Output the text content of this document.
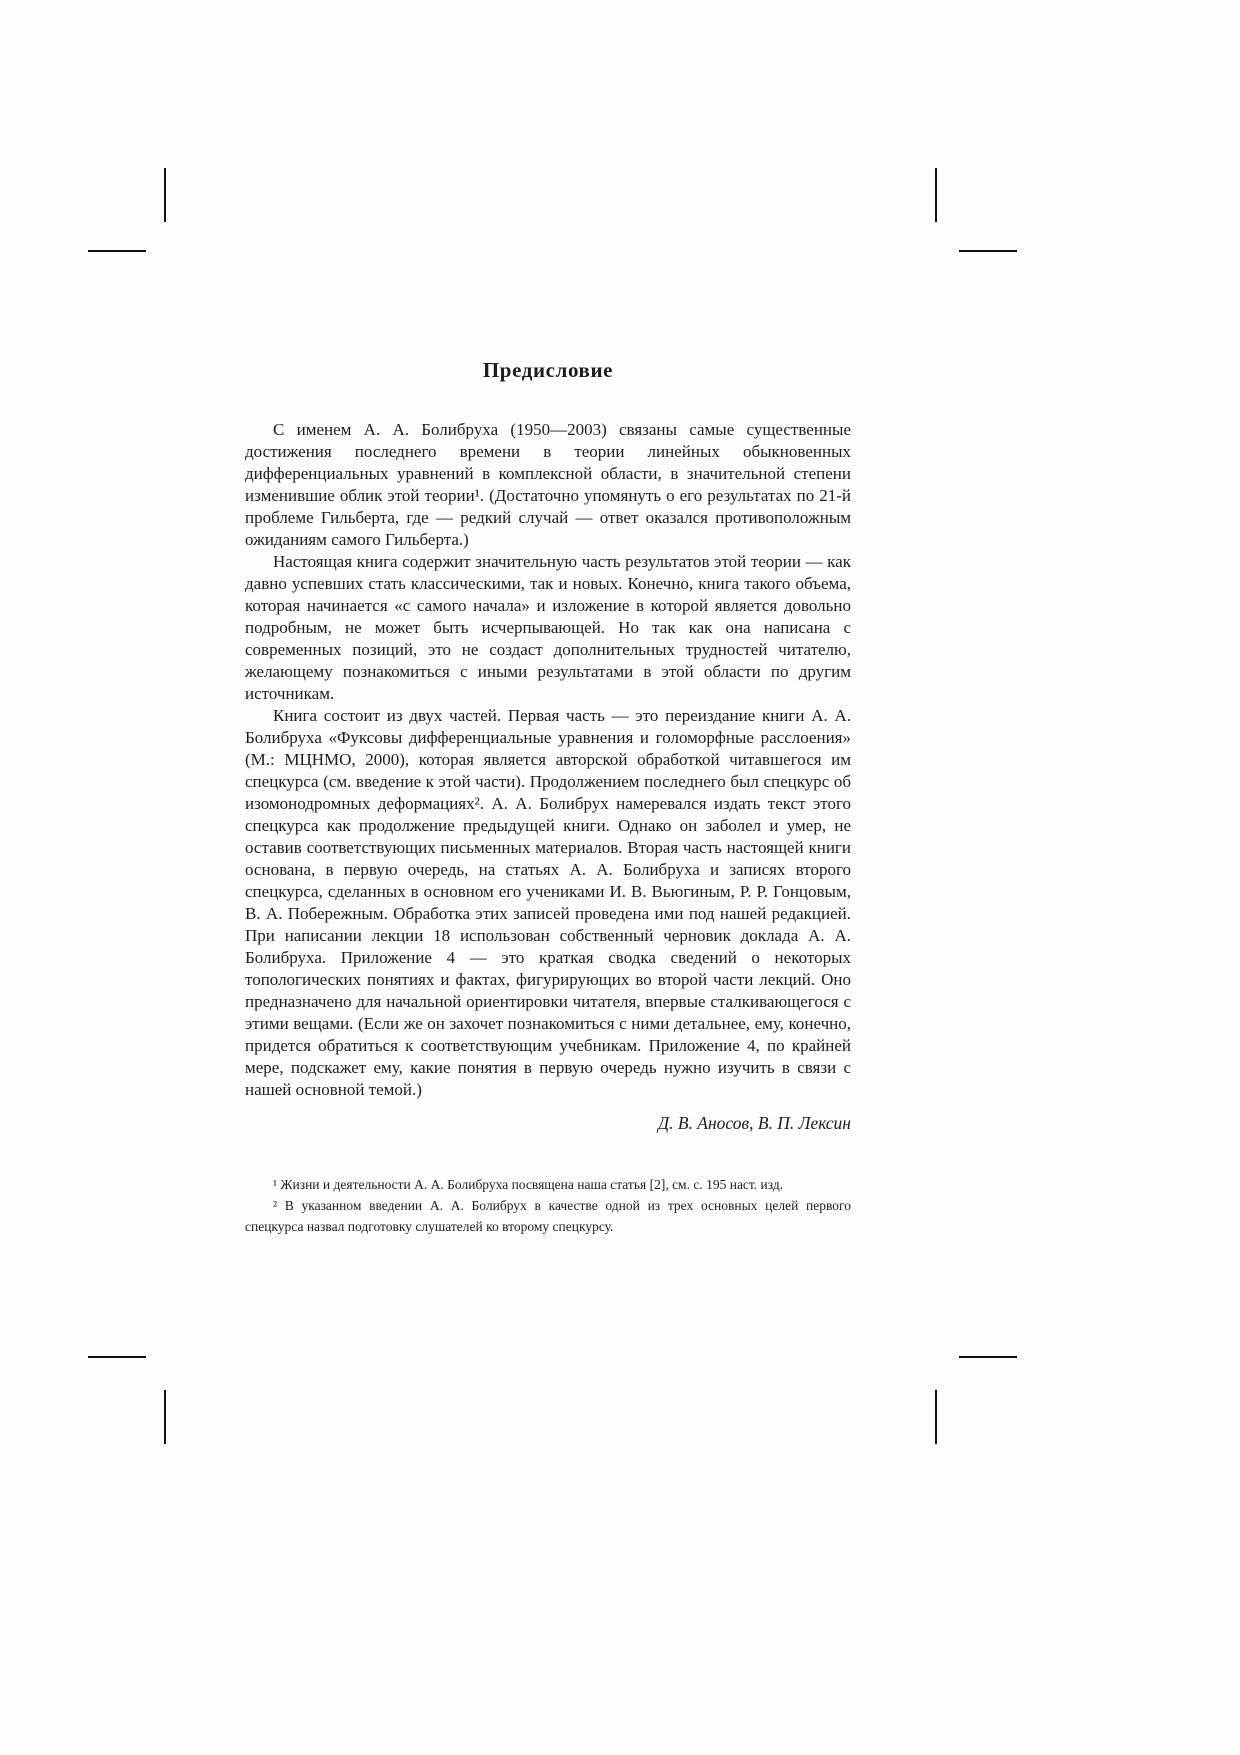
Предисловие

С именем А. А. Болибруха (1950—2003) связаны самые существенные достижения последнего времени в теории линейных обыкновенных дифференциальных уравнений в комплексной области, в значительной степени изменившие облик этой теории¹. (Достаточно упомянуть о его результатах по 21-й проблеме Гильберта, где — редкий случай — ответ оказался противоположным ожиданиям самого Гильберта.)

Настоящая книга содержит значительную часть результатов этой теории — как давно успевших стать классическими, так и новых. Конечно, книга такого объема, которая начинается «с самого начала» и изложение в которой является довольно подробным, не может быть исчерпывающей. Но так как она написана с современных позиций, это не создаст дополнительных трудностей читателю, желающему познакомиться с иными результатами в этой области по другим источникам.

Книга состоит из двух частей. Первая часть — это переиздание книги А. А. Болибруха «Фуксовы дифференциальные уравнения и голоморфные расслоения» (М.: МЦНМО, 2000), которая является авторской обработкой читавшегося им спецкурса (см. введение к этой части). Продолжением последнего был спецкурс об изомонодромных деформациях². А. А. Болибрух намеревался издать текст этого спецкурса как продолжение предыдущей книги. Однако он заболел и умер, не оставив соответствующих письменных материалов. Вторая часть настоящей книги основана, в первую очередь, на статьях А. А. Болибруха и записях второго спецкурса, сделанных в основном его учениками И. В. Вьюгиным, Р. Р. Гонцовым, В. А. Побережным. Обработка этих записей проведена ими под нашей редакцией. При написании лекции 18 использован собственный черновик доклада А. А. Болибруха. Приложение 4 — это краткая сводка сведений о некоторых топологических понятиях и фактах, фигурирующих во второй части лекций. Оно предназначено для начальной ориентировки читателя, впервые сталкивающегося с этими вещами. (Если же он захочет познакомиться с ними детальнее, ему, конечно, придется обратиться к соответствующим учебникам. Приложение 4, по крайней мере, подскажет ему, какие понятия в первую очередь нужно изучить в связи с нашей основной темой.)

Д. В. Аносов, В. П. Лексин

¹ Жизни и деятельности А. А. Болибруха посвящена наша статья [2], см. с. 195 наст. изд.

² В указанном введении А. А. Болибрух в качестве одной из трех основных целей первого спецкурса назвал подготовку слушателей ко второму спецкурсу.
